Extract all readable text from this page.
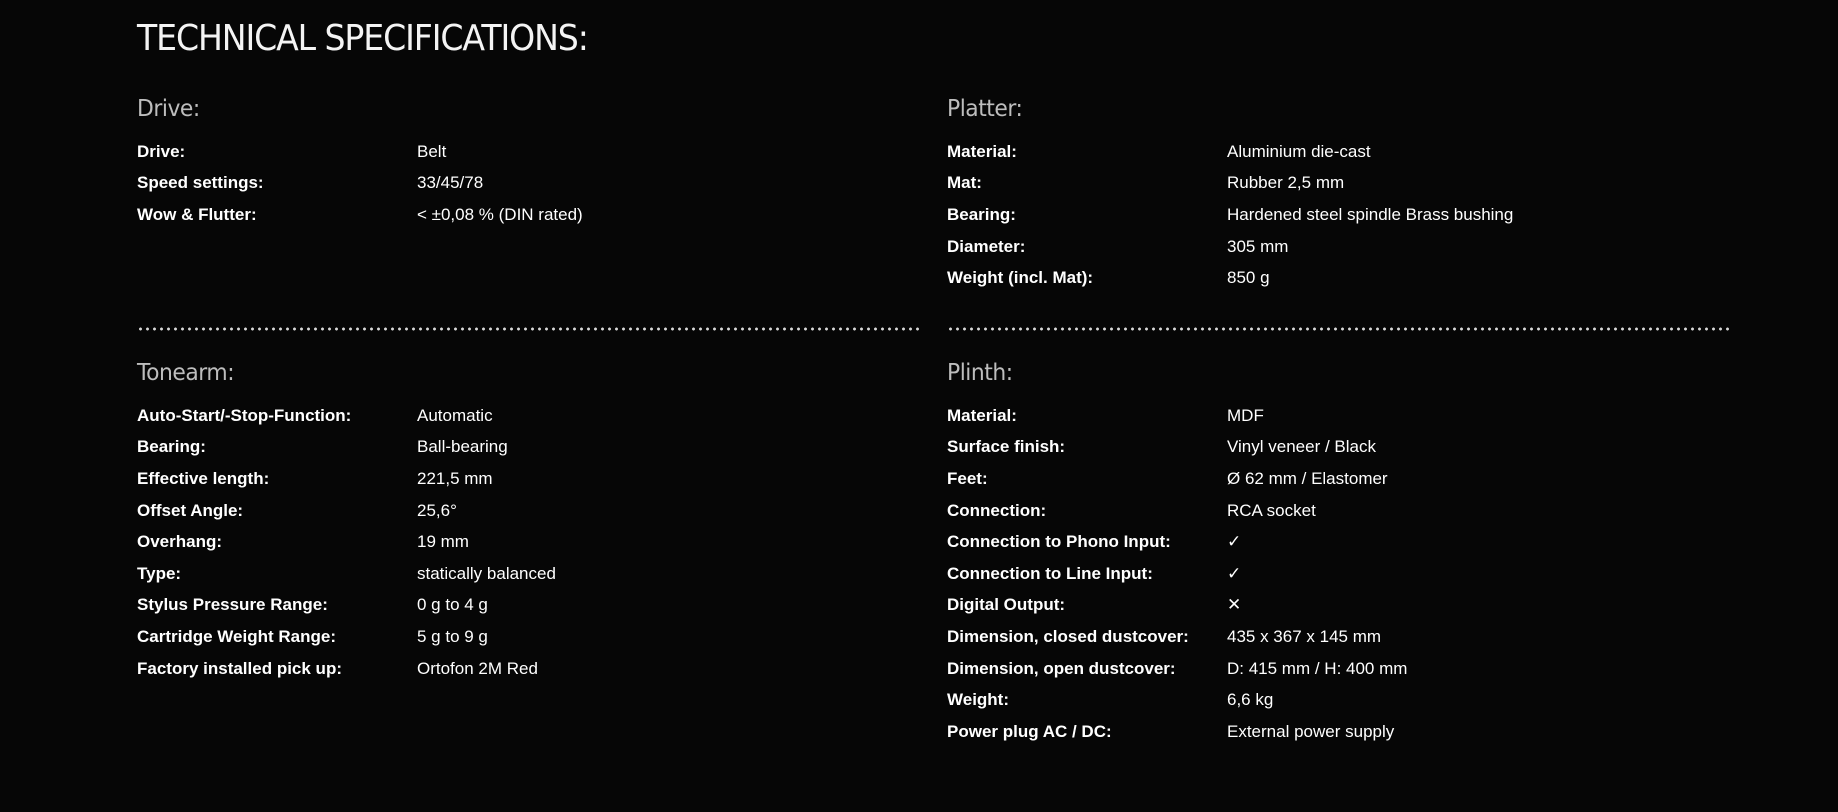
TECHNICAL SPECIFICATIONS:
Drive:
Drive:	Belt
Speed settings:	33/45/78
Wow & Flutter:	< ±0,08 % (DIN rated)
Platter:
Material:	Aluminium die-cast
Mat:	Rubber 2,5 mm
Bearing:	Hardened steel spindle Brass bushing
Diameter:	305 mm
Weight (incl. Mat):	850 g
Tonearm:
Auto-Start/-Stop-Function:	Automatic
Bearing:	Ball-bearing
Effective length:	221,5 mm
Offset Angle:	25,6°
Overhang:	19 mm
Type:	statically balanced
Stylus Pressure Range:	0 g to 4 g
Cartridge Weight Range:	5 g to 9 g
Factory installed pick up:	Ortofon 2M Red
Plinth:
Material:	MDF
Surface finish:	Vinyl veneer / Black
Feet:	Ø 62 mm / Elastomer
Connection:	RCA socket
Connection to Phono Input:	✓
Connection to Line Input:	✓
Digital Output:	✕
Dimension, closed dustcover:	435 x 367 x 145 mm
Dimension, open dustcover:	D: 415 mm / H: 400 mm
Weight:	6,6 kg
Power plug AC / DC:	External power supply
